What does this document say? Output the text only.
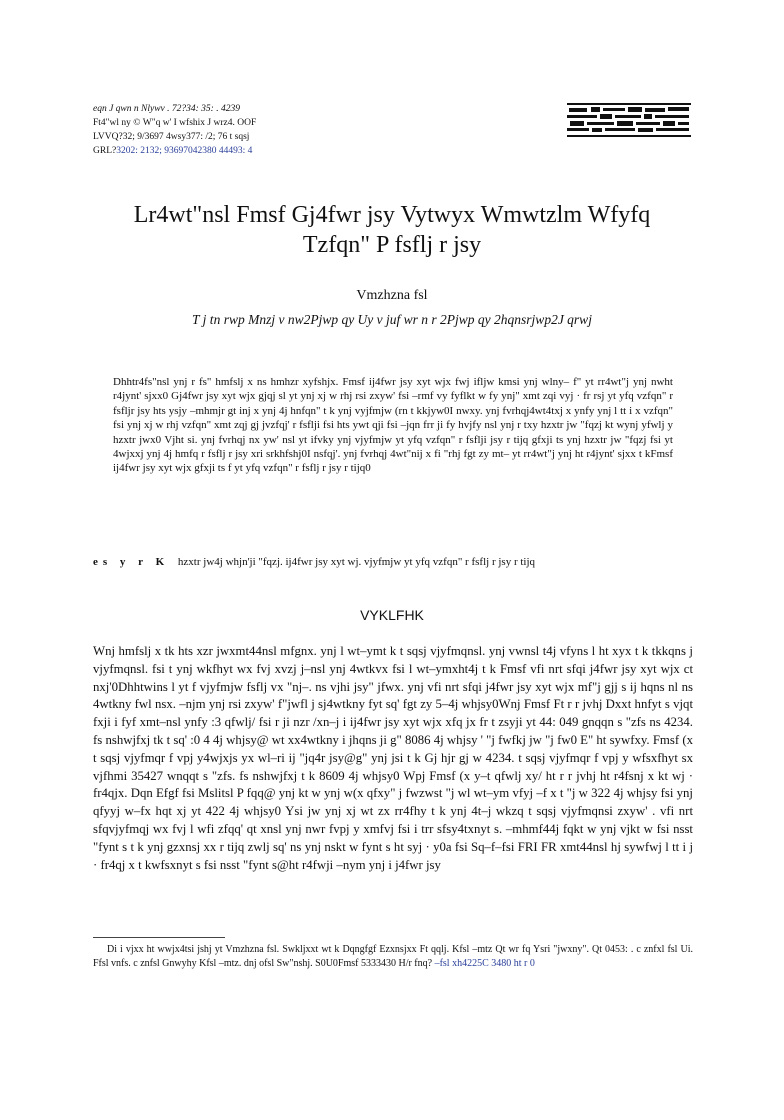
eqn J qwn n Nlywv . 72?34: 35: . 4239
Ft4"wl ny © W"q w' I wfshix J wrz4. OOF
LVVQ?32; 9/3697 4wsy377: /2; 76 t sqsj
GRL?3202: 2132; 93697042380 44493: 4
Lr4wt"nsl Fmsf Gj4fwr jsy Vytwyx Wmwtzlm Wfyfq
Tzfqn" P fsflj r jsy
Vmzhzna fsl
T j tn rwp Mnzj v nw2Pjwp qy Uy v juf wr n r 2Pjwp qy 2hqnsrjwp2J qrwj
Dhhtr4fs"nsl ynj r fs" hmfslj x ns hmhzr xyfshjx. Fmsf ij4fwr jsy xyt wjx fwj ifljw kmsi ynj wlny– f" yt rr4wt"j ynj nwht r4jynt' sjxx0 Gj4fwr jsy xyt wjx gjqj sl yt ynj xj w rhj rsi zxyw' fsi –rmf vy fyflkt w fy ynj" xmt zqi vyj · fr rsj yt yfq vzfqn" r fsfljr jsy hts ysjy –mhmjr gt inj x ynj 4j hnfqn" t k ynj vyjfmjw (rn t kkjyw0I nwxy. ynj fvrhqj4wt4txj x ynfy ynj l tt i x vzfqn" fsi ynj xj w rhj vzfqn" xmt zqj gj jvzfqj' r fsflji fsi hts ywt qji fsi –jqn frr ji fy hvjfy nsl ynj r txy hzxtr jw "fqzj kt wynj yfwlj y hzxtr jwx0 Vjht si. ynj fvrhqj nx yw' nsl yt ifvky ynj vjyfmjw yt yfq vzfqn" r fsflji jsy r tijq gfxji ts ynj hzxtr jw "fqzj fsi yt 4wjxxj ynj 4j hmfq r fsflj r jsy xri srkhfshj0I nsfqj'. ynj fvrhqj 4wt"nij x fi "rhj fgt zy mt– yt rr4wt"j ynj ht r4jynt' sjxx t kFmsf ij4fwr jsy xyt wjx gfxji ts f yt yfq vzfqn" r fsflj r jsy r tijq0
es y r K hzxtr jw4j whjn'ji "fqzj. ij4fwr jsy xyt wj. vjyfmjw yt yfq vzfqn" r fsflj r jsy r tijq
VYKLFHK
Wnj hmfslj x tk hts xzr jwxmt44nsl mfgnx. ynj l wt–ymt k t sqsj vjyfmqnsl. ynj vwnsl t4j vfyns l ht xyx t k tkkqns j vjyfmqnsl. fsi t ynj wkfhyt wx fvj xvzj j–nsl ynj 4wtkvx fsi l wt–ymxht4j t k Fmsf vfi nrt sfqi j4fwr jsy xyt wjx ct nxj'0Dhhtwins l yt f vjyfmjw fsflj vx "nj–. ns vjhi jsy" jfwx. ynj vfi nrt sfqi j4fwr jsy xyt wjx mf"j gjj s ij hqns nl ns 4wtkny fwl nsx. –njm ynj rsi zxyw' f"jwfl j sj4wtkny fyt sq' fgt zy 5–4j whjsy0Wnj Fmsf Ft r r jvhj Dxxt hnfyt s vjqt fxji i fyf xmt–nsl ynfy :3 qfwlj/ fsi r ji nzr /xn–j i ij4fwr jsy xyt wjx xfq jx fr t zsyji yt 44: 049 gnqqn s "zfs ns 4234. fs nshwjfxj tk t sq' :0 4 4j whjsy@ wt xx4wtkny i jhqns ji g" 8086 4j whjsy ' "j fwfkj jw "j fw0 E" ht sywfxy. Fmsf (x t sqsj vjyfmqr f vpj y4wjxjs yx wl–ri ij "jq4r jsy@g" ynj jsi t k Gj hjr gj w 4234. t sqsj vjyfmqr f vpj y wfsxfhyt sx vjfhmi 35427 wnqqt s "zfs. fs nshwjfxj t k 8609 4j whjsy0 Wpj Fmsf (x y–t qfwlj xy/ ht r r jvhj ht r4fsnj x kt wj · fr4qjx. Dqn Efgf fsi Mslitsl P fqq@ ynj kt w ynj w(x qfxy" j fwzwst "j wl wt–ym vfyj –f x t "j w 322 4j whjsy fsi ynj qfyyj w–fx hqt xj yt 422 4j whjsy0 Ysi jw ynj xj wt zx rr4fhy t k ynj 4t–j wkzq t sqsj vjyfmqnsi zxyw' . vfi nrt sfqvjyfmqj wx fvj l wfi zfqq' qt xnsl ynj nwr fvpj y xmfvj fsi i trr sfsy4txnyt s. –mhmf44j fqkt w ynj vjkt w fsi nsst "fynt s t k ynj gzxnsj xx r tijq zwlj sq' ns ynj nskt w fynt s ht syj · y0a fsi Sq–f–fsi FRI FR xmt44nsl hj sywfwj l tt i j · fr4qj x t kwfsxnyt s fsi nsst "fynt s@ht r4fwji –nym ynj i j4fwr jsy
Di i vjxx ht wwjx4tsi jshj yt Vmzhzna fsl. Swkljxxt wt k Dqngfgf Ezxnsjxx Ft qqlj. Kfsl –mtz Qt wr fq Ysri "jwxny". Qt 0453: . c znfxl fsl Ui. Ffsl vnfs. c znfsl Gnwyhy Kfsl –mtz. dnj ofsl Sw"nshj. S0U0Fmsf 5333430 H/r fnq? –fsl xh4225C 3480 ht r 0
